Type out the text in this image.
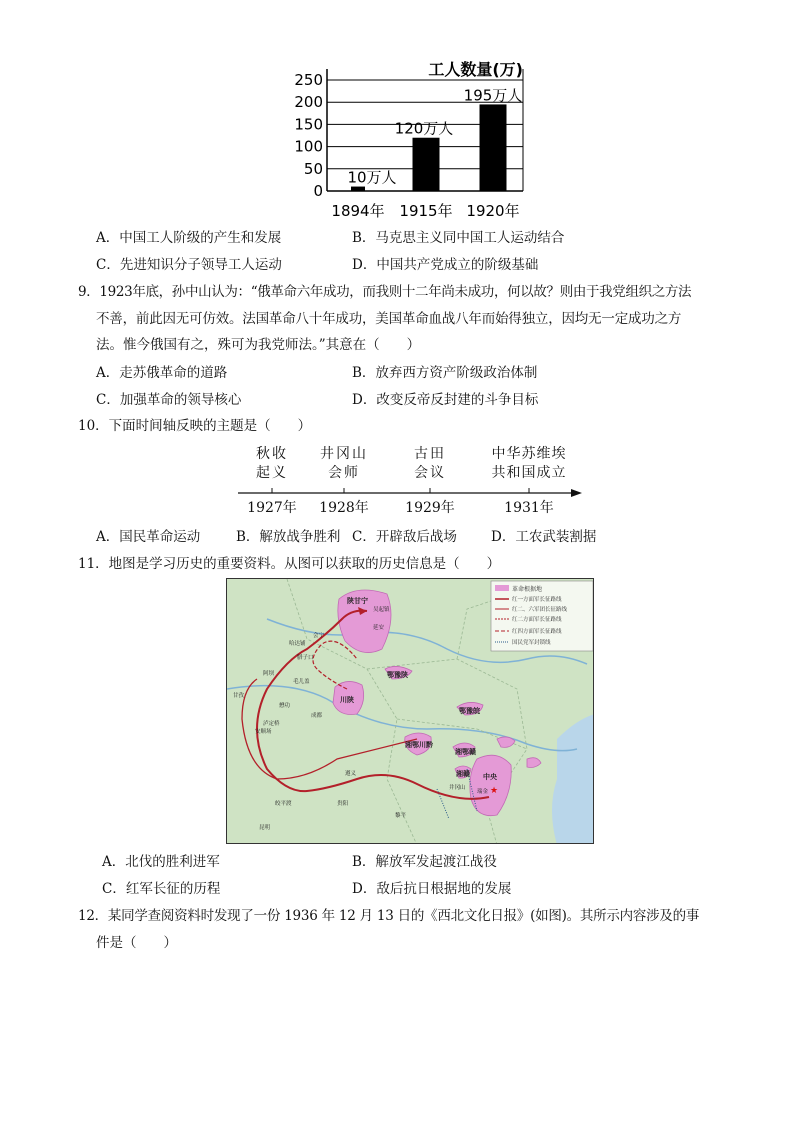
250
200
150
100
50
0
10万人
1894年
120万人
1915年
195万人
1920年
工人数量(万)
A．中国工人阶级的产生和发展	B．马克思主义同中国工人运动结合
C．先进知识分子领导工人运动	D．中国共产党成立的阶级基础
9．1923年底，孙中山认为：“俄革命六年成功，而我则十二年尚未成功，何以故？则由于我党组织之方法
不善，前此因无可仿效。法国革命八十年成功，美国革命血战八年而始得独立，因均无一定成功之方
法。惟今俄国有之，殊可为我党师法。”其意在（　　）
A．走苏俄革命的道路	B．放弃西方资产阶级政治体制
C．加强革命的领导核心	D．改变反帝反封建的斗争目标
10．下面时间轴反映的主题是（　　）
秋收
起义
1927年
井冈山
会师
1928年
古田
会议
1929年
中华苏维埃
共和国成立
1931年
A．国民革命运动	B．解放战争胜利 C．开辟敌后战场	D．工农武装割据
11．地图是学习历史的重要资料。从图可以获取的历史信息是（　　）
革命根据地
红一方面军长征路线
红二、六军团长征路线
红二方面军长征路线
红四方面军长征路线
国民党军封锁线
陕甘宁
川陕
鄂豫陕
鄂豫皖
湘鄂川黔
湘鄂赣
湘赣 中央
吴起镇
延安
会宁
哈达铺
腊子口
毛儿盖
阿坝
甘孜
懋功
成都
安顺场
泸定桥
遵义
贵阳
昆明
皎平渡
黎平
瑞金
井冈山	★
A．北伐的胜利进军	B．解放军发起渡江战役
C．红军长征的历程	D．敌后抗日根据地的发展
12．某同学查阅资料时发现了一份 1936 年 12 月 13 日的《西北文化日报》(如图)。其所示内容涉及的事
件是（　　）
